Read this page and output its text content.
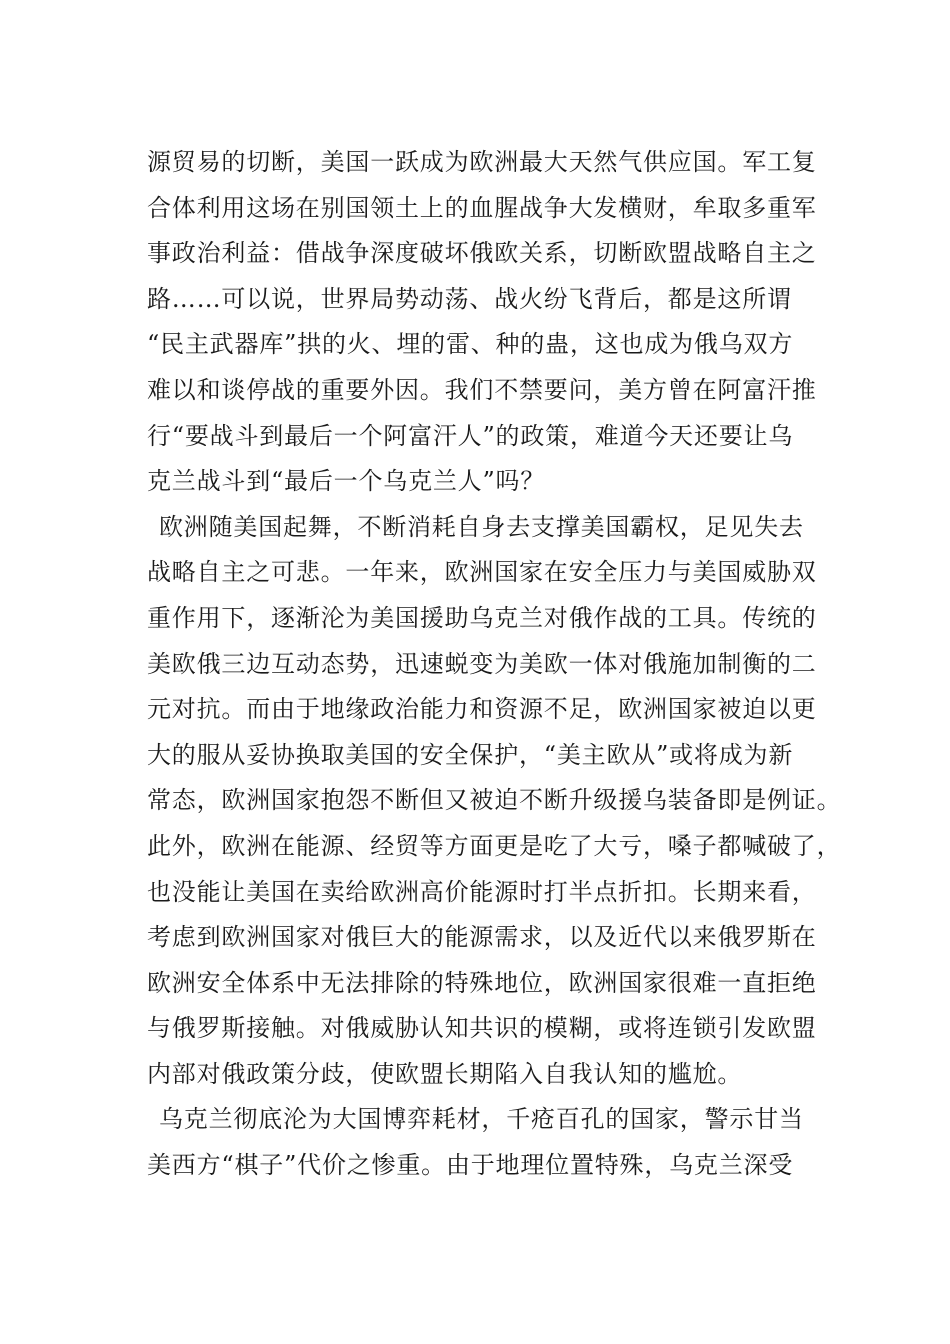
源贸易的切断，美国一跃成为欧洲最大天然气供应国。军工复
合体利用这场在别国领土上的血腥战争大发横财，牟取多重军
事政治利益：借战争深度破坏俄欧关系，切断欧盟战略自主之
路……可以说，世界局势动荡、战火纷飞背后，都是这所谓
“民主武器库”拱的火、埋的雷、种的蛊，这也成为俄乌双方
难以和谈停战的重要外因。我们不禁要问，美方曾在阿富汗推
行“要战斗到最后一个阿富汗人”的政策，难道今天还要让乌
克兰战斗到“最后一个乌克兰人”吗？
欧洲随美国起舞，不断消耗自身去支撑美国霸权，足见失去
战略自主之可悲。一年来，欧洲国家在安全压力与美国威胁双
重作用下，逐渐沦为美国援助乌克兰对俄作战的工具。传统的
美欧俄三边互动态势，迅速蜕变为美欧一体对俄施加制衡的二
元对抗。而由于地缘政治能力和资源不足，欧洲国家被迫以更
大的服从妥协换取美国的安全保护，“美主欧从”或将成为新
常态，欧洲国家抱怨不断但又被迫不断升级援乌装备即是例证。
此外，欧洲在能源、经贸等方面更是吃了大亏，嗓子都喊破了，
也没能让美国在卖给欧洲高价能源时打半点折扣。长期来看，
考虑到欧洲国家对俄巨大的能源需求，以及近代以来俄罗斯在
欧洲安全体系中无法排除的特殊地位，欧洲国家很难一直拒绝
与俄罗斯接触。对俄威胁认知共识的模糊，或将连锁引发欧盟
内部对俄政策分歧，使欧盟长期陷入自我认知的尴尬。
乌克兰彻底沦为大国博弈耗材，千疮百孔的国家，警示甘当
美西方“棋子”代价之惨重。由于地理位置特殊，乌克兰深受
